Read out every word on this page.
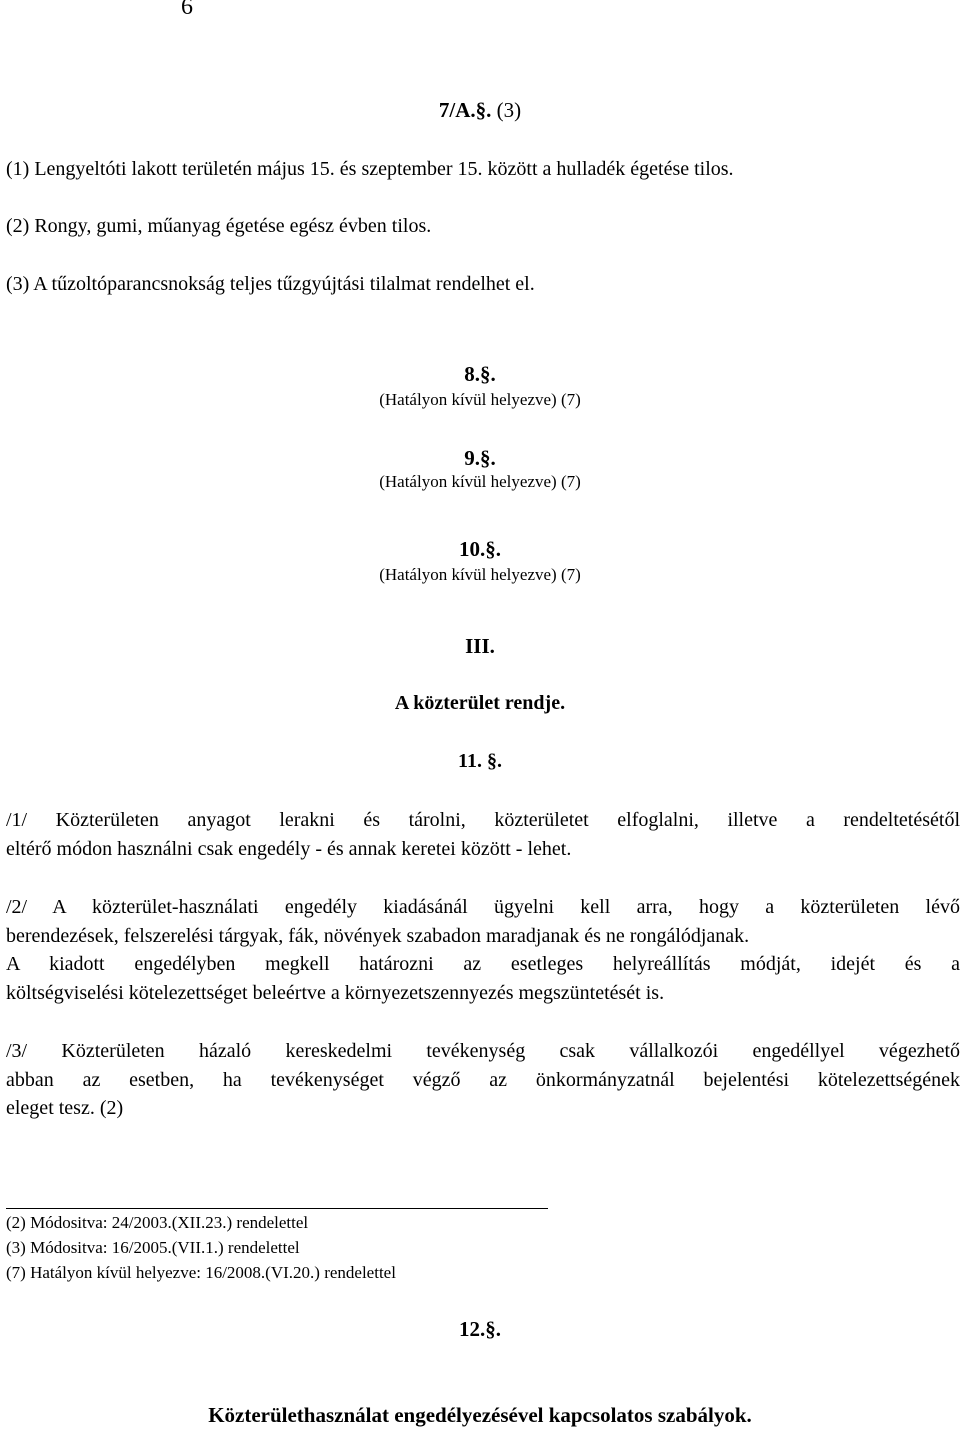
6
7/A.§. (3)
(1) Lengyeltóti lakott területén május 15. és szeptember 15. között a hulladék égetése tilos.
(2) Rongy, gumi, műanyag égetése egész évben tilos.
(3) A tűzoltóparancsnokság teljes tűzgyújtási tilalmat rendelhet el.
8.§.
(Hatályon kívül helyezve) (7)
9.§.
(Hatályon kívül helyezve) (7)
10.§.
(Hatályon kívül helyezve) (7)
III.
A közterület rendje.
11. §.
/1/ Közterületen anyagot lerakni és tárolni, közterületet elfoglalni, illetve a rendeltetésétől
eltérő módon használni csak engedély - és annak keretei között - lehet.
/2/ A közterület-használati engedély kiadásánál ügyelni kell arra, hogy a közterületen lévő
berendezések, felszerelési tárgyak, fák, növények szabadon maradjanak és ne rongálódjanak.
A kiadott engedélyben megkell határozni az esetleges helyreállítás módját, idejét és a
költségviselési kötelezettséget beleértve a környezetszennyezés megszüntetését is.
/3/ Közterületen házaló kereskedelmi tevékenység csak vállalkozói engedéllyel végezhető
abban az esetben, ha tevékenységet végző az önkormányzatnál bejelentési kötelezettségének
eleget tesz. (2)
(2) Módositva: 24/2003.(XII.23.) rendelettel
(3) Módositva: 16/2005.(VII.1.) rendelettel
(7) Hatályon kívül helyezve: 16/2008.(VI.20.) rendelettel
12.§.
Közterülethasználat engedélyezésével kapcsolatos szabályok.
